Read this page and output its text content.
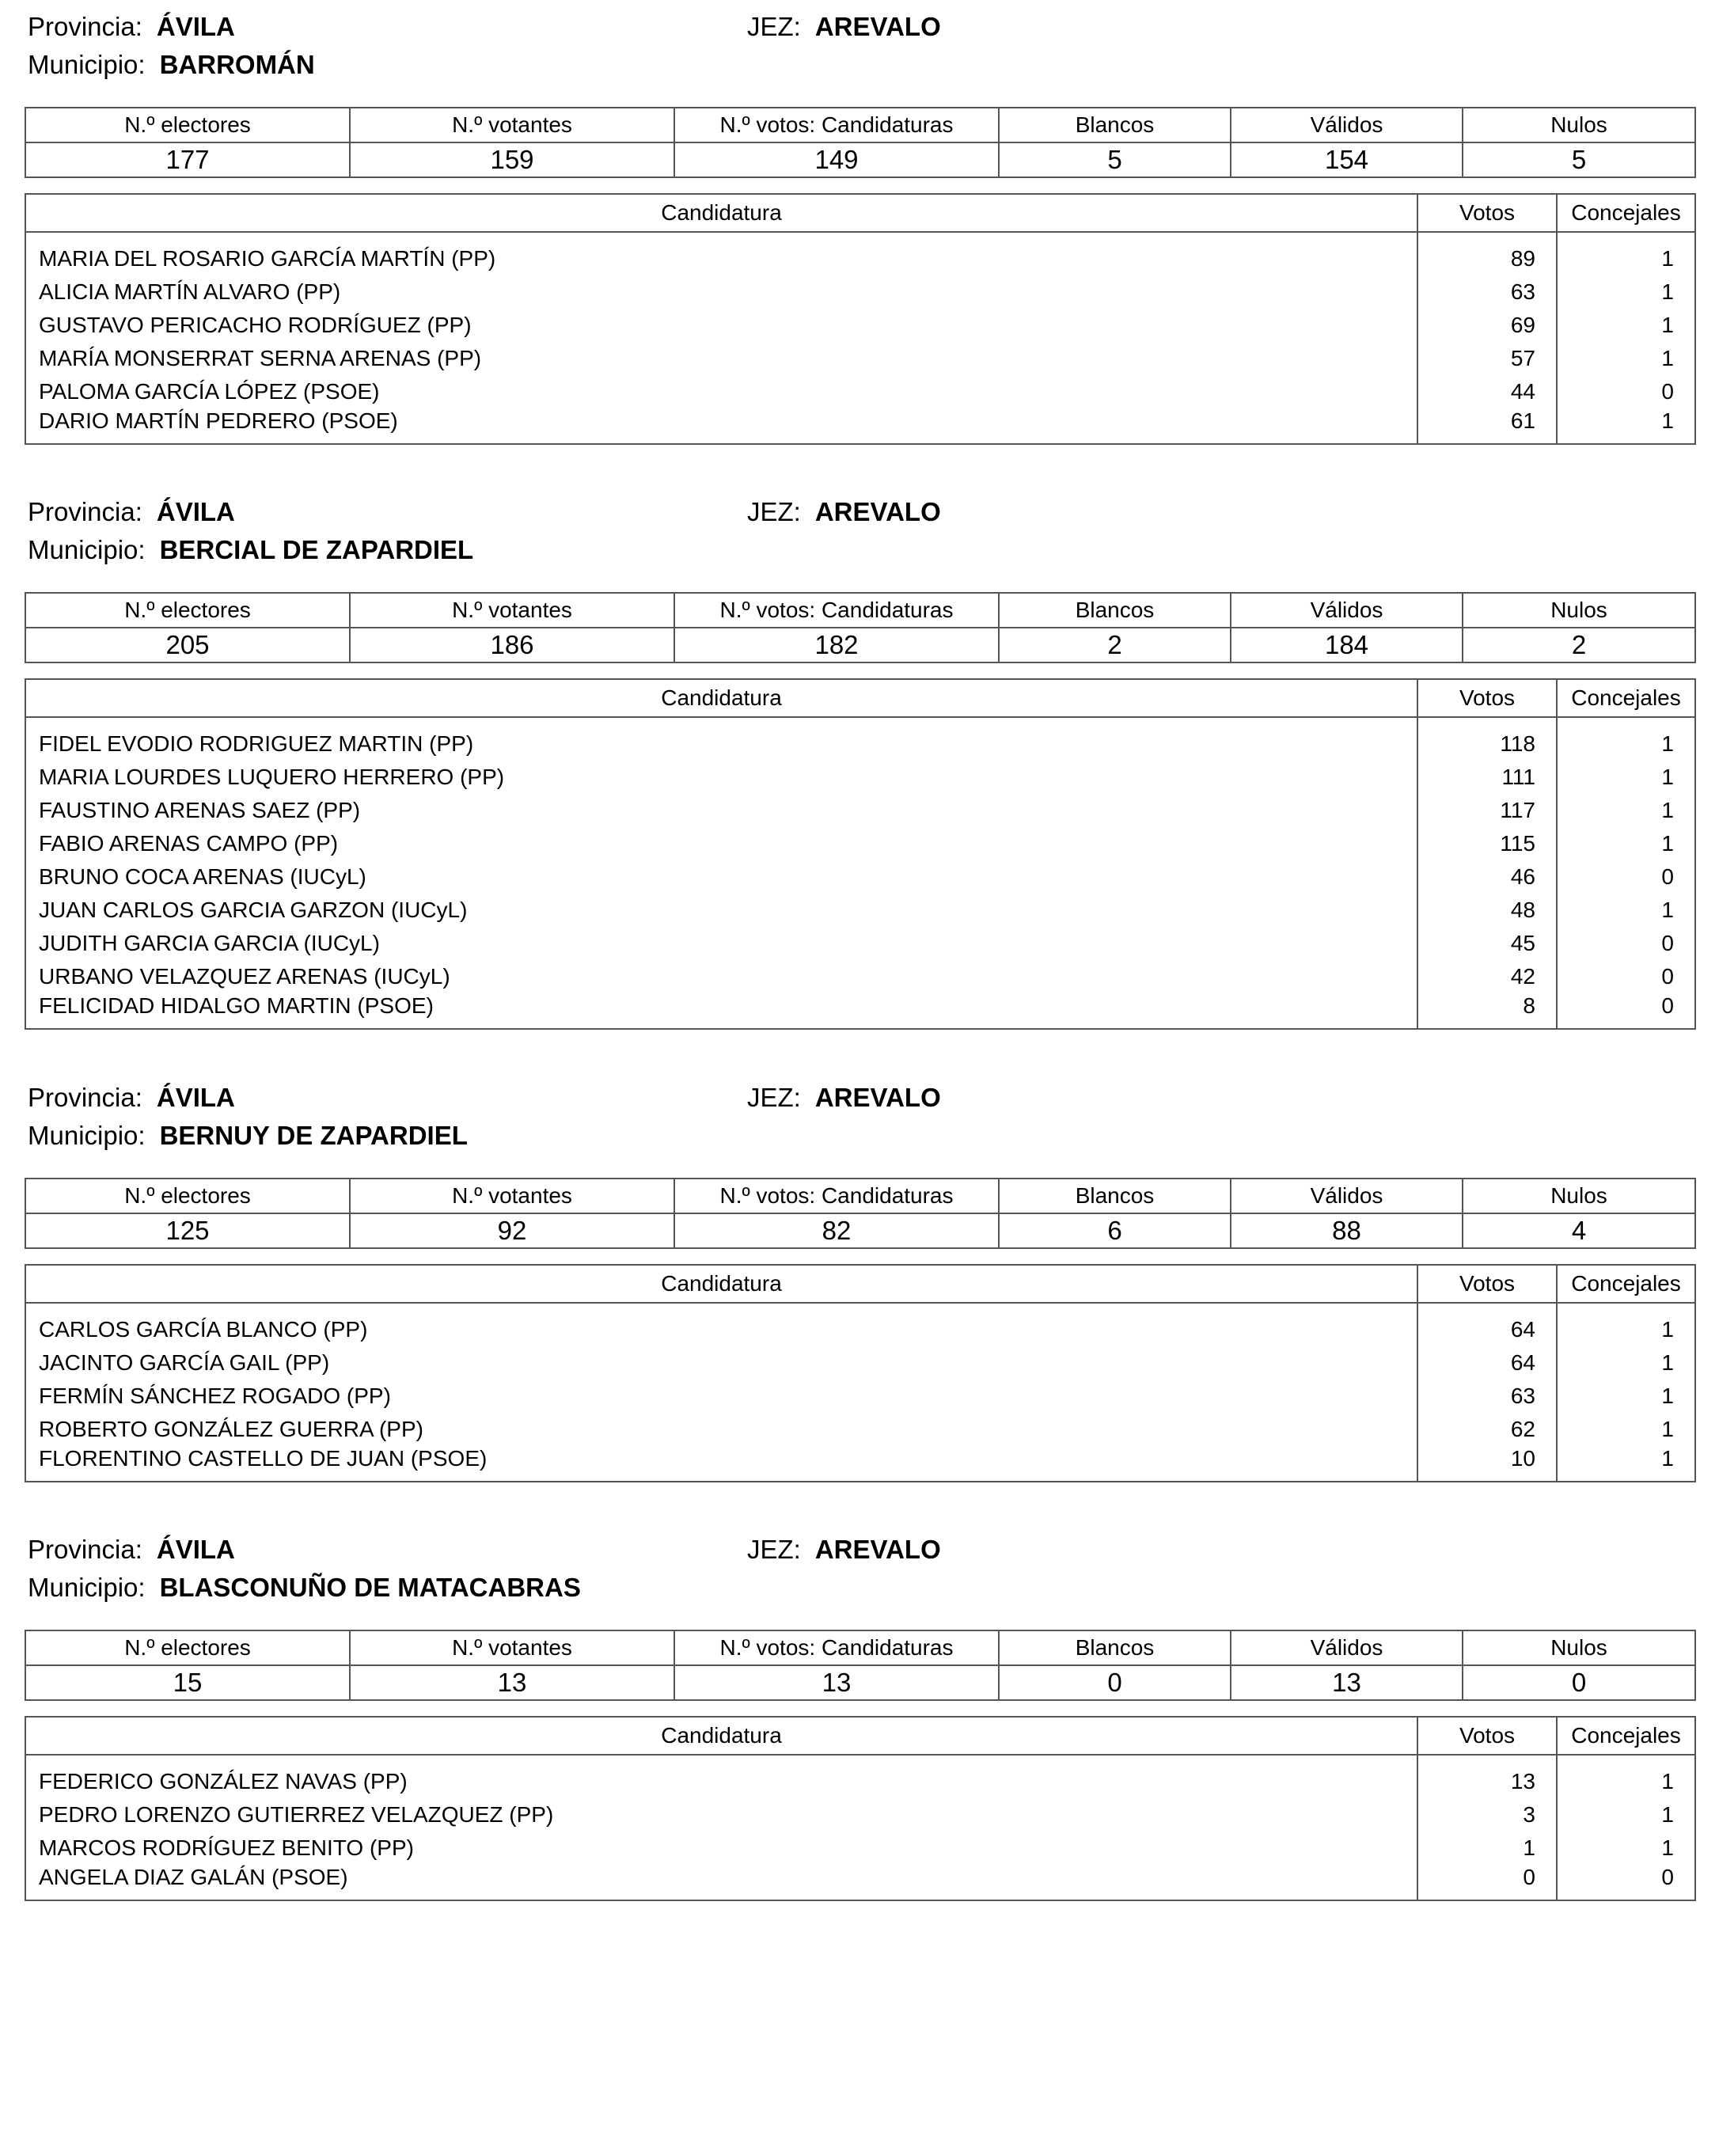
Provincia: ÁVILA	JEZ: AREVALO
Municipio: BARROMÁN
N.º electores	N.º votantes	N.º votos: Candidaturas	Blancos	Válidos	Nulos
177	159	149	5	154	5
Candidatura	Votos	Concejales

MARIA DEL ROSARIO GARCÍA MARTÍN (PP)	89	1
ALICIA MARTÍN ALVARO (PP)	63	1
GUSTAVO PERICACHO RODRÍGUEZ (PP)	69	1
MARÍA MONSERRAT SERNA ARENAS (PP)	57	1
PALOMA GARCÍA LÓPEZ (PSOE)	44	0
DARIO MARTÍN PEDRERO (PSOE)	61	1
Provincia: ÁVILA	JEZ: AREVALO
Municipio: BERCIAL DE ZAPARDIEL
N.º electores	N.º votantes	N.º votos: Candidaturas	Blancos	Válidos	Nulos
205	186	182	2	184	2
Candidatura	Votos	Concejales

FIDEL EVODIO RODRIGUEZ MARTIN (PP)	118	1
MARIA LOURDES LUQUERO HERRERO (PP)	111	1
FAUSTINO ARENAS SAEZ (PP)	117	1
FABIO ARENAS CAMPO (PP)	115	1
BRUNO COCA ARENAS (IUCyL)	46	0
JUAN CARLOS GARCIA GARZON (IUCyL)	48	1
JUDITH GARCIA GARCIA (IUCyL)	45	0
URBANO VELAZQUEZ ARENAS (IUCyL)	42	0
FELICIDAD HIDALGO MARTIN (PSOE)	8	0
Provincia: ÁVILA	JEZ: AREVALO
Municipio: BERNUY DE ZAPARDIEL
N.º electores	N.º votantes	N.º votos: Candidaturas	Blancos	Válidos	Nulos
125	92	82	6	88	4
Candidatura	Votos	Concejales

CARLOS GARCÍA BLANCO (PP)	64	1
JACINTO GARCÍA GAIL (PP)	64	1
FERMÍN SÁNCHEZ ROGADO (PP)	63	1
ROBERTO GONZÁLEZ GUERRA (PP)	62	1
FLORENTINO CASTELLO DE JUAN (PSOE)	10	1
Provincia: ÁVILA	JEZ: AREVALO
Municipio: BLASCONUÑO DE MATACABRAS
N.º electores	N.º votantes	N.º votos: Candidaturas	Blancos	Válidos	Nulos
15	13	13	0	13	0
Candidatura	Votos	Concejales

FEDERICO GONZÁLEZ NAVAS (PP)	13	1
PEDRO LORENZO GUTIERREZ VELAZQUEZ (PP)	3	1
MARCOS RODRÍGUEZ BENITO (PP)	1	1
ANGELA DIAZ GALÁN (PSOE)	0	0
